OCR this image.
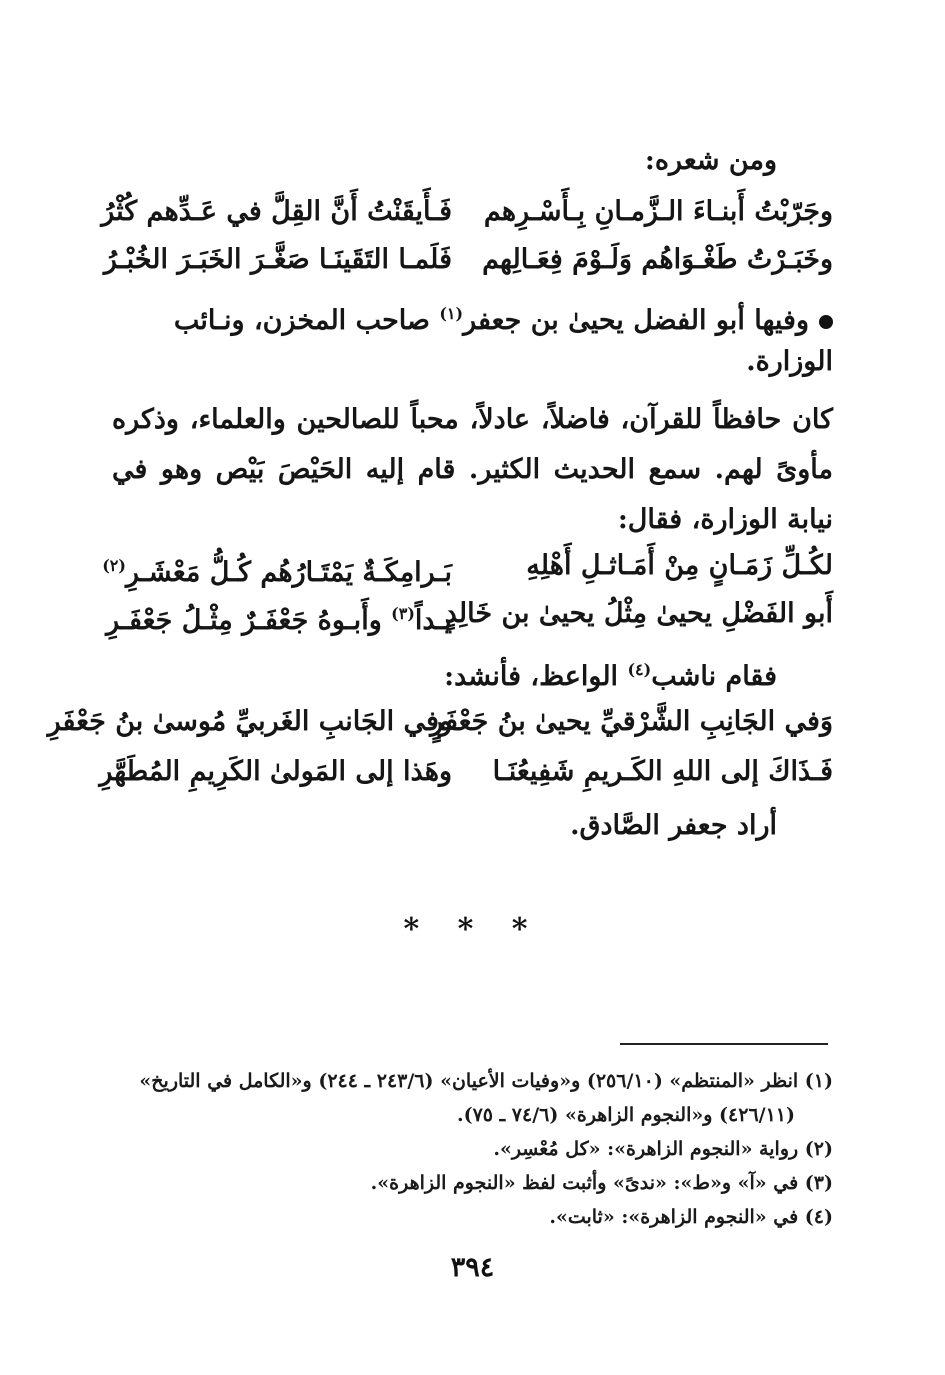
ومن شعره:
وجَرّبْتُ أَبنـاءَ الـزَّمـانِ بِـأَسْـرِهم
فَـأَيقَنْتُ أَنَّ القِلَّ في عَـدِّهم كُثْرُ
وخَبَـرْتُ طَغْـوَاهُم وَلَـوْمَ فِعَـالِهم
فَلَمـا التَقَينَـا صَغَّـرَ الخَبَـرَ الخُبْـرُ
وفيها أبو الفضل يحيىٰ بن جعفر$^{(١)}$ صاحب المخزن، ونـائب
الوزارة.

كان حافظاً للقرآن، فاضلاً، عادلاً، محباً للصالحين والعلماء، وذكره مأوىً لهم. سمع الحديث الكثير. قام إليه الحَيْصَ بَيْص وهو في نيابة الوزارة، فقال:

لكُـلِّ زَمَـانٍ مِنْ أَمَـاثـلِ أَهْلِهِ
بَـرامِكَـةٌ يَمْتَـارُهُم كُـلُّ مَعْشَـرِ$^{(٢)}$
أَبو الفَضْلِ يحيىٰ مِثْلُ يحيىٰ بن خَالِدٍ
يـداً$^{(٣)}$ وأَبـوهُ جَعْفَـرٌ مِثْـلُ جَعْفَـرِ
فقام ناشب$^{(٤)}$ الواعظ، فأنشد:
وَفي الجَانِبِ الشَّرْقيِّ يحيىٰ بنُ جَعْفَرٍ
وفي الجَانبِ الغَربيِّ مُوسىٰ بنُ جَعْفَرِ
فَـذَاكَ إلى اللهِ الكَـريمِ شَفِيعُنَـا
وهَذا إلى المَولىٰ الكَرِيمِ المُطَهَّرِ
أراد جعفر الصَّادق.
* * *
(١) انظر «المنتظم» (٢٥٦/١٠) و«وفيات الأعيان» (٢٤٣/٦ ـ ٢٤٤) و«الكامل في التاريخ»
(٤٢٦/١١) و«النجوم الزاهرة» (٧٤/٦ ـ ٧٥).
(٢) رواية «النجوم الزاهرة»: «كل مُعْسِر».
(٣) في «آ» و«ط»: «ندىً» وأثبت لفظ «النجوم الزاهرة».
(٤) في «النجوم الزاهرة»: «ثابت».
٣٩٤
